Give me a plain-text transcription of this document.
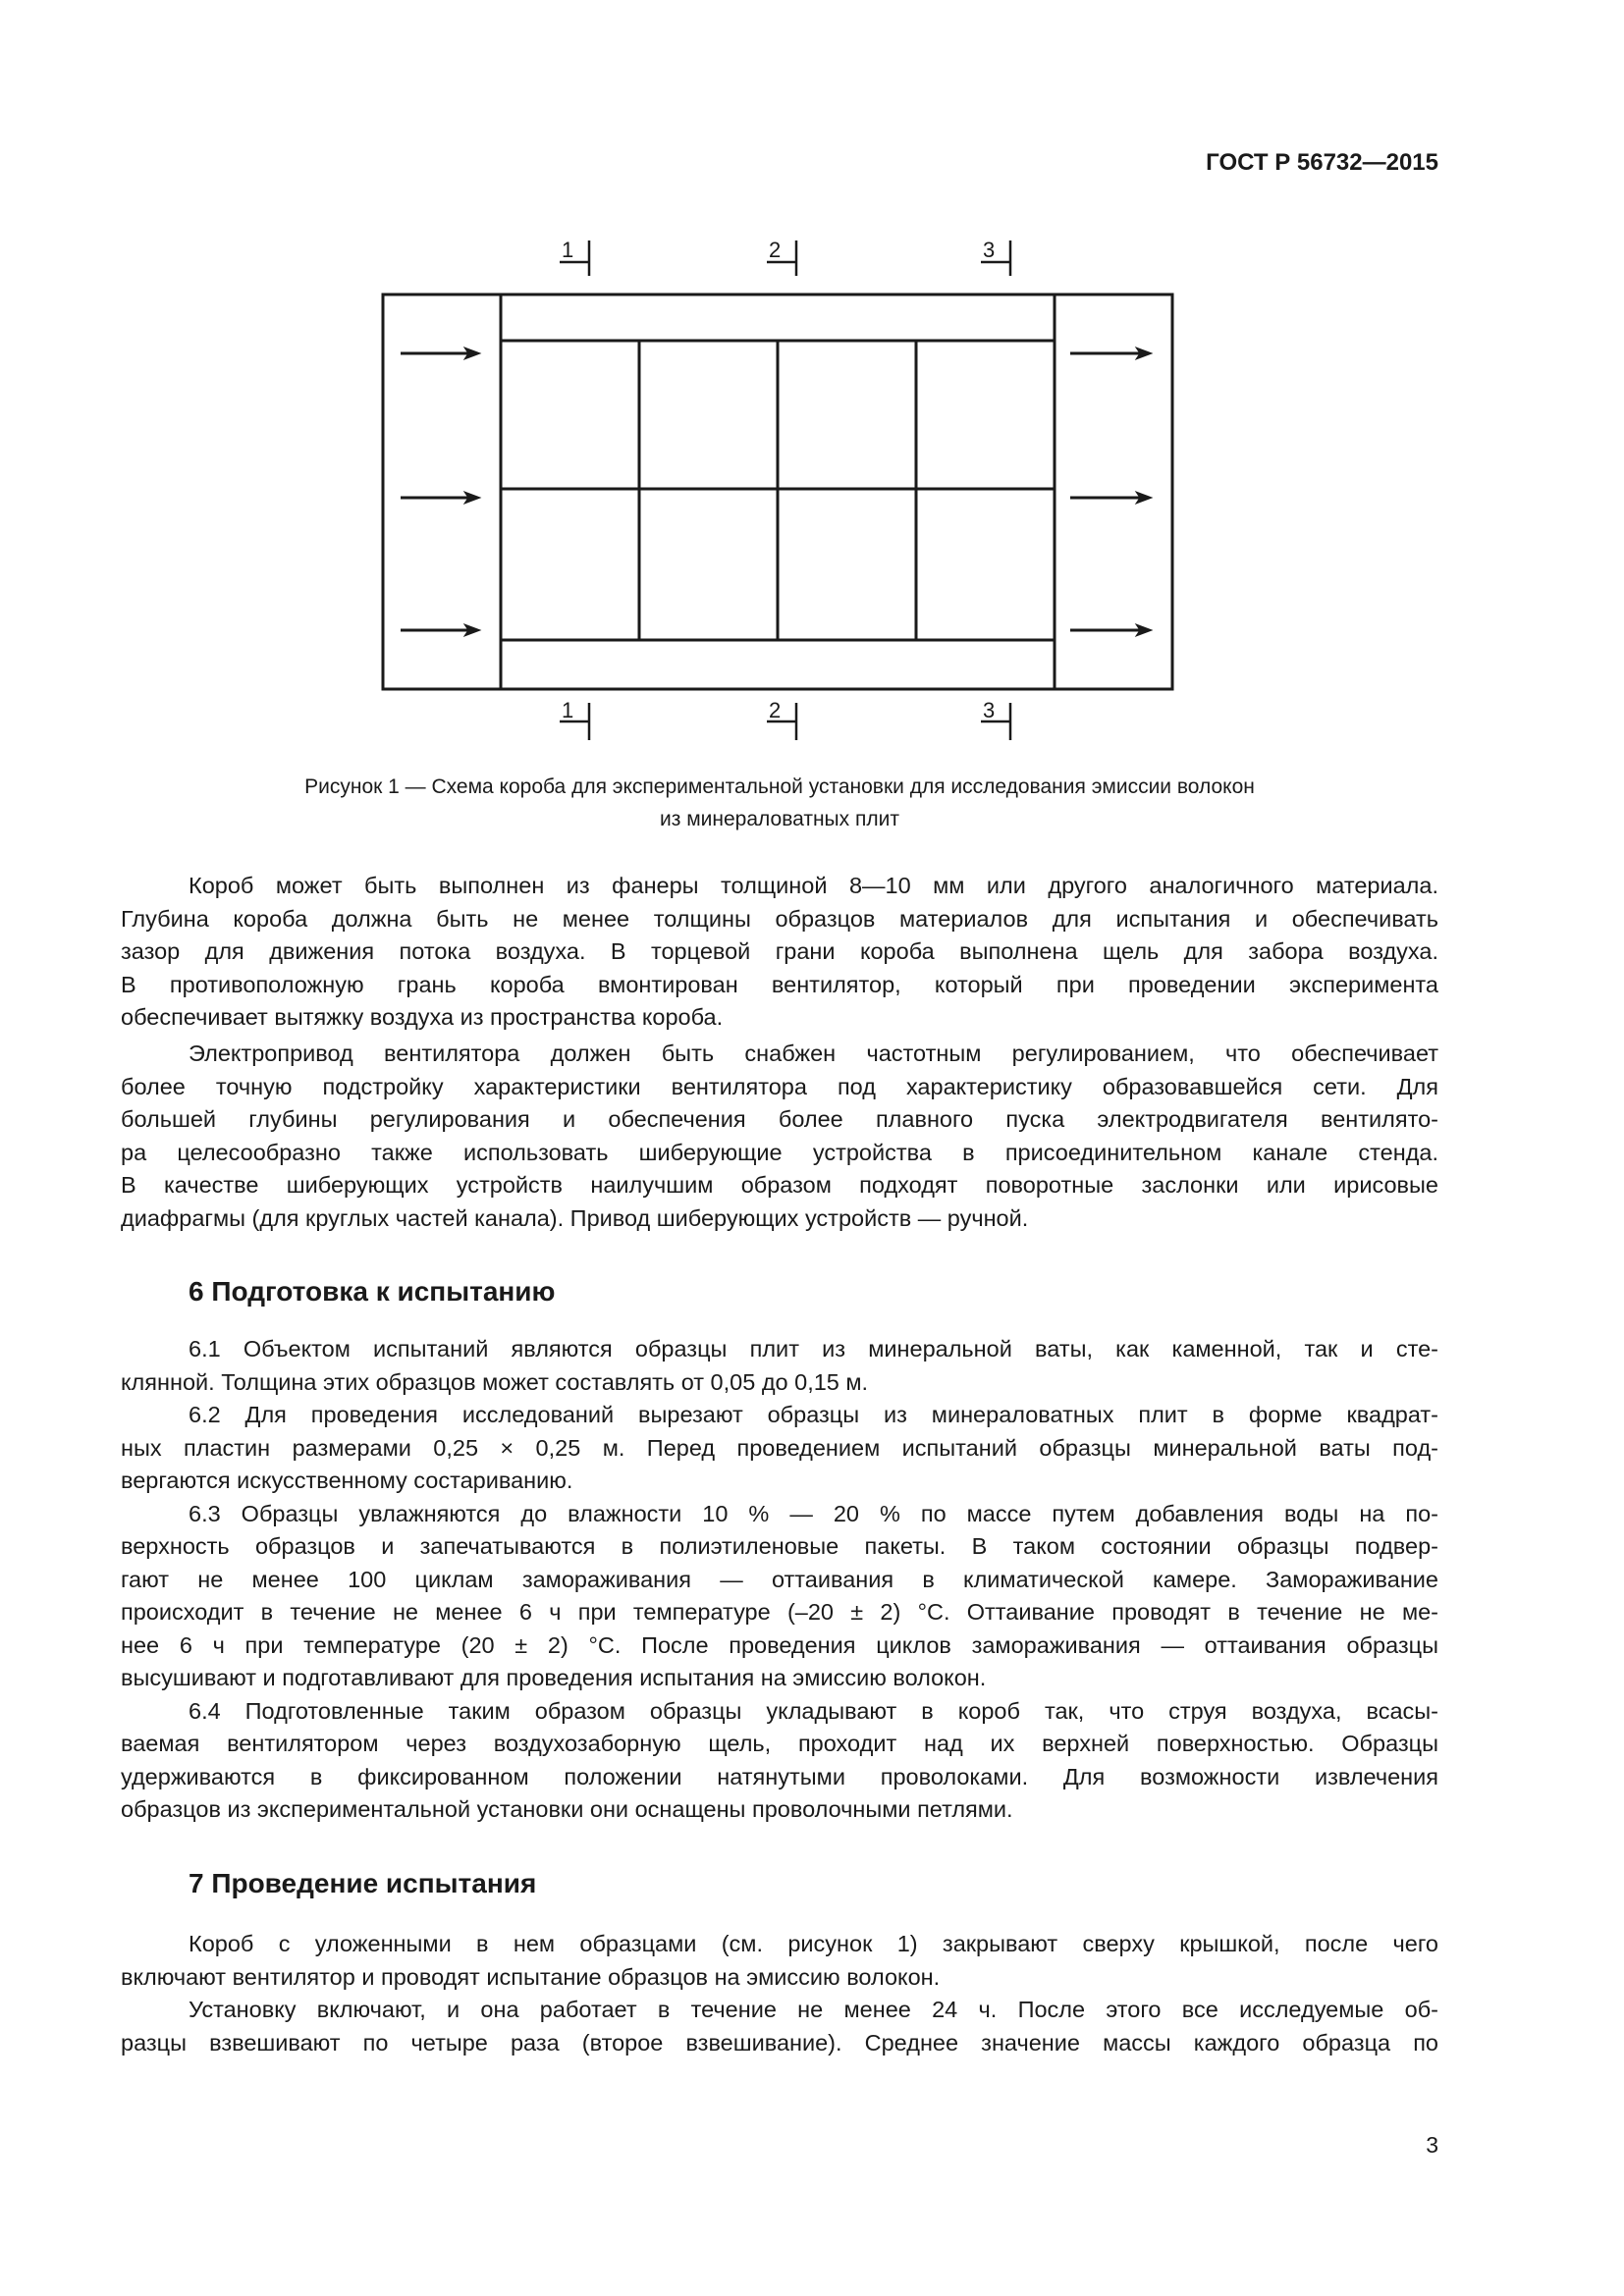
ГОСТ Р 56732—2015
1	2	3
1	2	3
Рисунок 1 — Схема короба для экспериментальной установки для исследования эмиссии волокон
из минераловатных плит
Короб может быть выполнен из фанеры толщиной 8—10 мм или другого аналогичного материала.
Глубина короба должна быть не менее толщины образцов материалов для испытания и обеспечивать
зазор для движения потока воздуха. В торцевой грани короба выполнена щель для забора воздуха.
В противоположную грань короба вмонтирован вентилятор, который при проведении эксперимента
обеспечивает вытяжку воздуха из пространства короба.
Электропривод вентилятора должен быть снабжен частотным регулированием, что обеспечивает
более точную подстройку характеристики вентилятора под характеристику образовавшейся сети. Для
большей глубины регулирования и обеспечения более плавного пуска электродвигателя вентилято-
ра целесообразно также использовать шиберующие устройства в присоединительном канале стенда.
В качестве шиберующих устройств наилучшим образом подходят поворотные заслонки или ирисовые
диафрагмы (для круглых частей канала). Привод шиберующих устройств — ручной.
6 Подготовка к испытанию
6.1 Объектом испытаний являются образцы плит из минеральной ваты, как каменной, так и сте-
клянной. Толщина этих образцов может составлять от 0,05 до 0,15 м.
6.2 Для проведения исследований вырезают образцы из минераловатных плит в форме квадрат-
ных пластин размерами 0,25 × 0,25 м. Перед проведением испытаний образцы минеральной ваты под-
вергаются искусственному состариванию.
6.3 Образцы увлажняются до влажности 10 % — 20 % по массе путем добавления воды на по-
верхность образцов и запечатываются в полиэтиленовые пакеты. В таком состоянии образцы подвер-
гают не менее 100 циклам замораживания — оттаивания в климатической камере. Замораживание
происходит в течение не менее 6 ч при температуре (–20 ± 2) °С. Оттаивание проводят в течение не ме-
нее 6 ч при температуре (20 ± 2) °С. После проведения циклов замораживания — оттаивания образцы
высушивают и подготавливают для проведения испытания на эмиссию волокон.
6.4 Подготовленные таким образом образцы укладывают в короб так, что струя воздуха, всасы-
ваемая вентилятором через воздухозаборную щель, проходит над их верхней поверхностью. Образцы
удерживаются в фиксированном положении натянутыми проволоками. Для возможности извлечения
образцов из экспериментальной установки они оснащены проволочными петлями.
7 Проведение испытания
Короб с уложенными в нем образцами (см. рисунок 1) закрывают сверху крышкой, после чего
включают вентилятор и проводят испытание образцов на эмиссию волокон.
Установку включают, и она работает в течение не менее 24 ч. После этого все исследуемые об-
разцы взвешивают по четыре раза (второе взвешивание). Среднее значение массы каждого образца по
3
